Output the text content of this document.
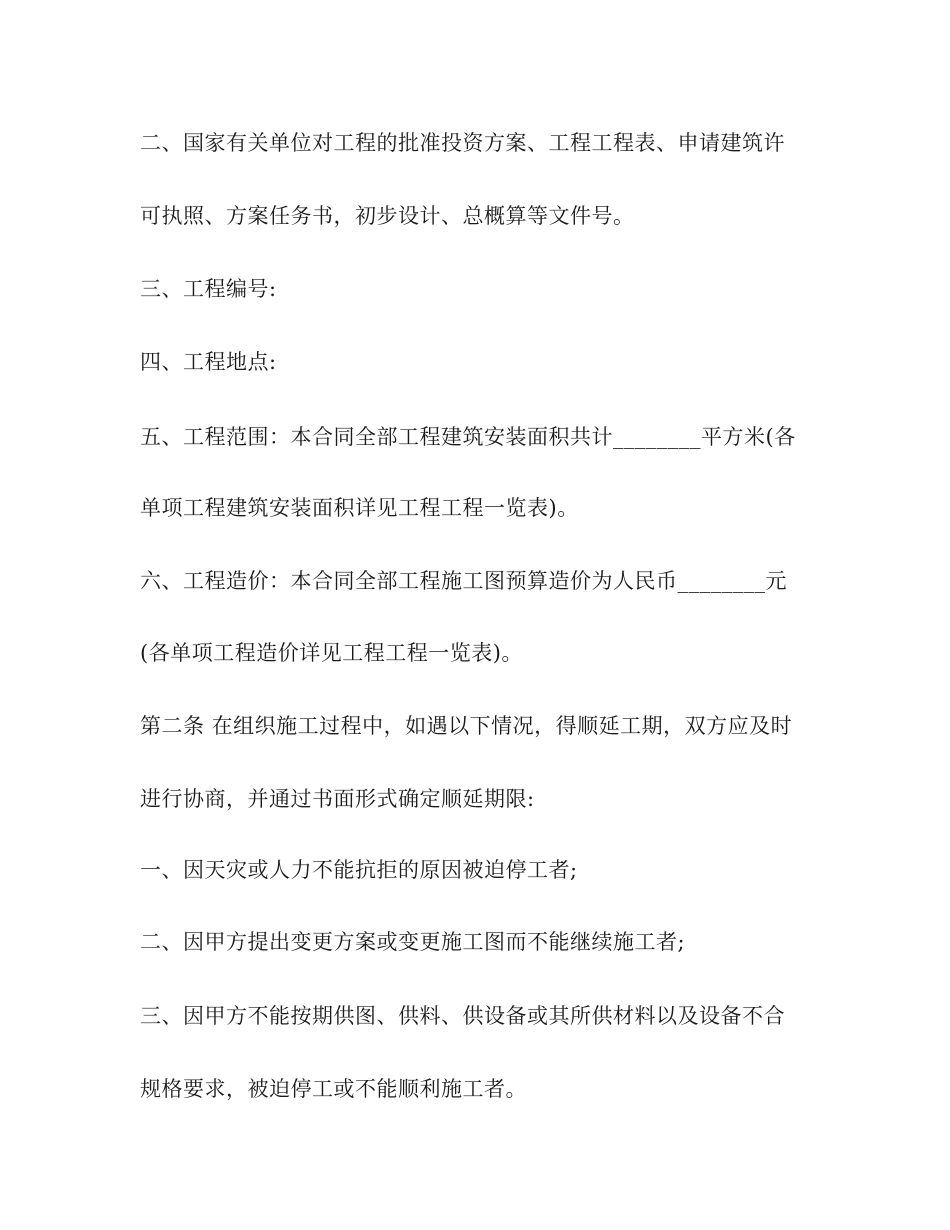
二、国家有关单位对工程的批准投资方案、工程工程表、申请建筑许
可执照、方案任务书，初步设计、总概算等文件号。
三、工程编号:
四、工程地点:
五、工程范围：本合同全部工程建筑安装面积共计________平方米(各
单项工程建筑安装面积详见工程工程一览表)。
六、工程造价：本合同全部工程施工图预算造价为人民币________元
(各单项工程造价详见工程工程一览表)。
第二条 在组织施工过程中，如遇以下情况，得顺延工期，双方应及时
进行协商，并通过书面形式确定顺延期限:
一、因天灾或人力不能抗拒的原因被迫停工者;
二、因甲方提出变更方案或变更施工图而不能继续施工者;
三、因甲方不能按期供图、供料、供设备或其所供材料以及设备不合
规格要求，被迫停工或不能顺利施工者。
